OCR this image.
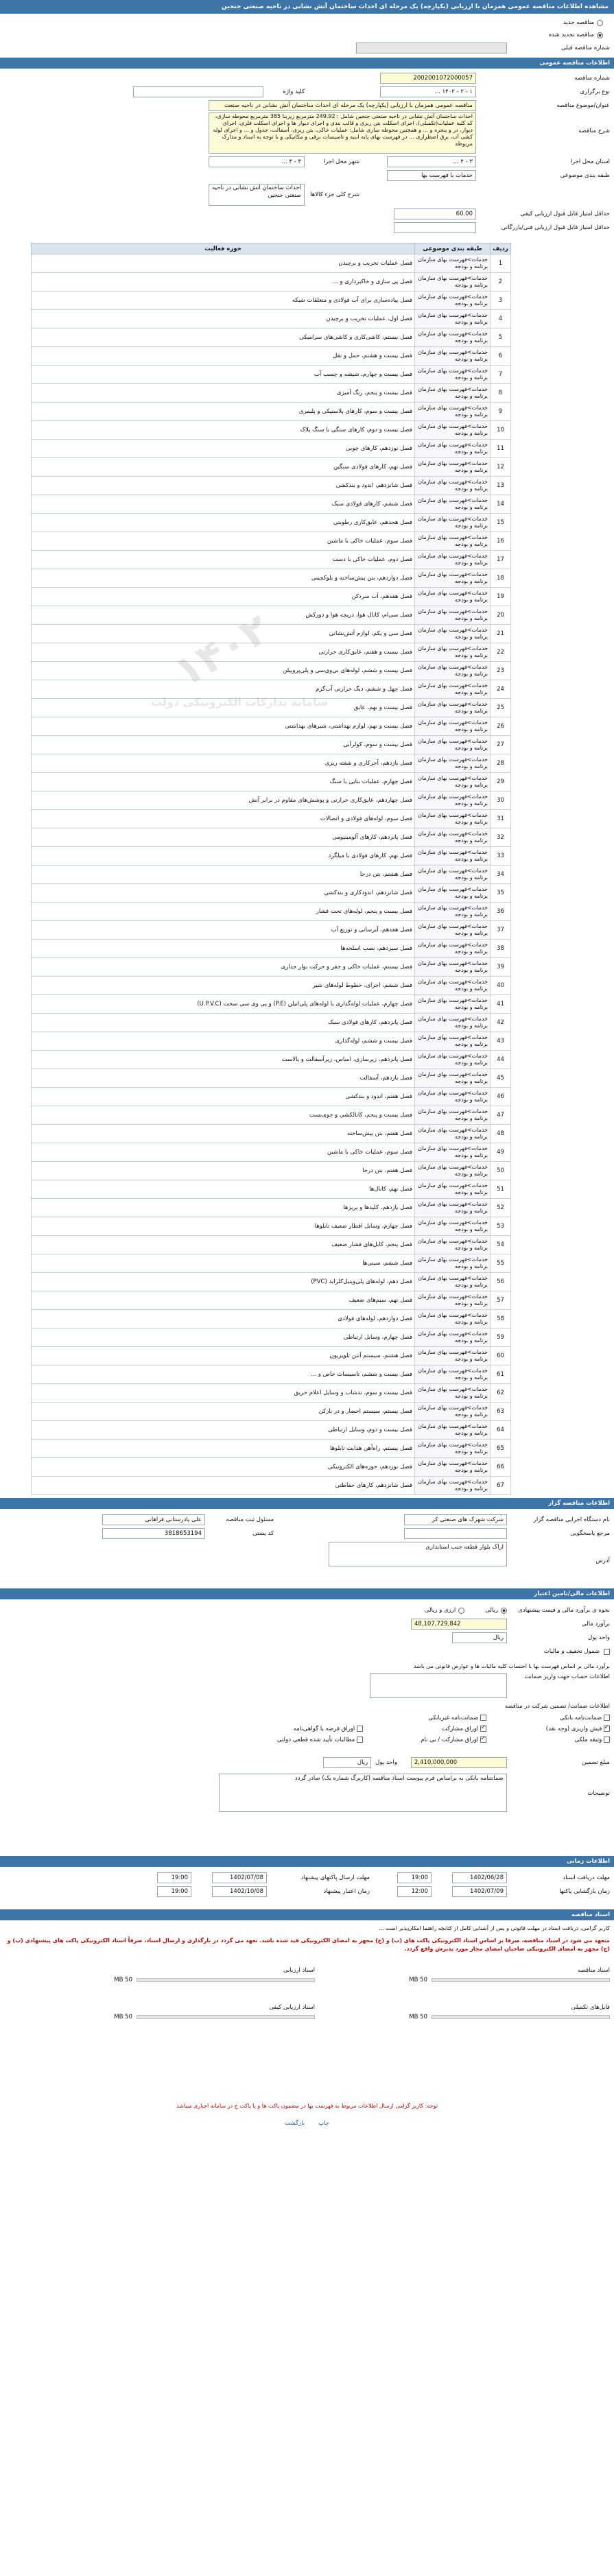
مشاهده اطلاعات مناقصه عمومی همزمان با ارزیابی (یکپارچه) یک مرحله ای احداث ساختمان آتش نشانی در ناحیه صنعتی جنجین
مناقصه جدید
مناقصه تجدید شده
شماره مناقصه قبلی
اطلاعات مناقصه عمومی
شماره مناقصه
2002001072000057
نوع برگزاری
۱ - ۲ - ۱۴۰۲ ...
کلید واژه
عنوان/موضوع مناقصه
مناقصه عمومی همزمان با ارزیابی (یکپارچه) یک مرحله ای احداث ساختمان آتش نشانی در ناحیه صنعت
شرح مناقصه
احداث ساختمان آتش نشانی در ناحیه صنعتی جنجین شامل : 249.92 مترمربع زیربنا 385 مترمربع محوطه سازی، که کلیه عملیات(تکمیلی)، اجرای اسکلت بتن ریزی و قالب بندی و اجرای دیوار ها و اجرای اسکلت فلزی، اجرای دیوار، در و پنجره و ... و همچنین محوطه سازی شامل: عملیات خاکی، بتن ریزی، آسفالت، جدول و ... و اجرای لوله کشی آب، برق اضطراری ... در فهرست بهای پایه ابنیه و تاسیسات برقی و مکانیکی و با توجه به اسناد و مدارک مربوطه
استان محل اجرا
۳ - ۴ ...
شهر محل اجرا
۳ - ۴ ...
طبقه بندی موضوعی
خدمات با فهرست بها
شرح کلی جزء کالاها
احداث ساختمان آتش نشانی در ناحیه صنعتی جنجین
حداقل امتیاز قابل قبول ارزیابی کیفی
60.00
حداقل امتیاز قابل قبول ارزیابی فنی/بازرگانی
ردیف	طبقه بندی موضوعی	حوزه فعالیت
1	خدمات>فهرست بهای سازمان برنامه و بودجه	فصل عملیات تخریب و برچیدن
2	خدمات>فهرست بهای سازمان برنامه و بودجه	فصل پی سازی و خاکبرداری و ...
3	خدمات>فهرست بهای سازمان برنامه و بودجه	فصل پیاده‌سازی برای آب فولادی و متعلقات شبکه
4	خدمات>فهرست بهای سازمان برنامه و بودجه	فصل اول، عملیات تخریب و برچیدن
5	خدمات>فهرست بهای سازمان برنامه و بودجه	فصل بیستم، کاشی‌کاری و کاشی‌های سرامیکی
6	خدمات>فهرست بهای سازمان برنامه و بودجه	فصل بیست و هشتم، حمل و نقل
7	خدمات>فهرست بهای سازمان برنامه و بودجه	فصل بیست و چهارم، شیشه و چسب آب
8	خدمات>فهرست بهای سازمان برنامه و بودجه	فصل بیست و پنجم، رنگ آمیزی
9	خدمات>فهرست بهای سازمان برنامه و بودجه	فصل بیست و سوم، کارهای پلاستیکی و پلیمری
10	خدمات>فهرست بهای سازمان برنامه و بودجه	فصل بیست و دوم، کارهای سنگی با سنگ پلاک
11	خدمات>فهرست بهای سازمان برنامه و بودجه	فصل نوزدهم، کارهای چوبی
12	خدمات>فهرست بهای سازمان برنامه و بودجه	فصل نهم، کارهای فولادی سنگین
13	خدمات>فهرست بهای سازمان برنامه و بودجه	فصل شانزدهم، اندود و بندکشی
14	خدمات>فهرست بهای سازمان برنامه و بودجه	فصل ششم، کارهای فولادی سبک
15	خدمات>فهرست بهای سازمان برنامه و بودجه	فصل هجدهم، عایق‌کاری رطوبتی
16	خدمات>فهرست بهای سازمان برنامه و بودجه	فصل سوم، عملیات خاکی با ماشین
17	خدمات>فهرست بهای سازمان برنامه و بودجه	فصل دوم، عملیات خاکی با دست
18	خدمات>فهرست بهای سازمان برنامه و بودجه	فصل دوازدهم، بتن پیش‌ساخته و بلوکچینی
19	خدمات>فهرست بهای سازمان برنامه و بودجه	فصل هفدهم، آب سردکن
20	خدمات>فهرست بهای سازمان برنامه و بودجه	فصل سی‌ام، کانال هوا، دریچه هوا و دوزکش
21	خدمات>فهرست بهای سازمان برنامه و بودجه	فصل سی و یکم، لوازم آتش‌نشانی
22	خدمات>فهرست بهای سازمان برنامه و بودجه	فصل بیست و هفتم، عایق‌کاری حرارتی
23	خدمات>فهرست بهای سازمان برنامه و بودجه	فصل بیست و ششم، لوله‌های بی‌وی‌سی و پلی‌پروپیلن
24	خدمات>فهرست بهای سازمان برنامه و بودجه	فصل چهل و ششم، دیگ حرارتی آب‌گرم
25	خدمات>فهرست بهای سازمان برنامه و بودجه	فصل بیست و نهم، عایق
26	خدمات>فهرست بهای سازمان برنامه و بودجه	فصل بیست و نهم، لوازم بهداشتی، شیرهای بهداشتی
27	خدمات>فهرست بهای سازمان برنامه و بودجه	فصل بیست و سوم، کولرآبی
28	خدمات>فهرست بهای سازمان برنامه و بودجه	فصل یازدهم، آجرکاری و شفته ریزی
29	خدمات>فهرست بهای سازمان برنامه و بودجه	فصل چهارم، عملیات بنایی با سنگ
30	خدمات>فهرست بهای سازمان برنامه و بودجه	فصل چهاردهم، عایق‌کاری حرارتی و پوشش‌های مقاوم در برابر آتش
31	خدمات>فهرست بهای سازمان برنامه و بودجه	فصل سوم، لوله‌های فولادی و اتصالات
32	خدمات>فهرست بهای سازمان برنامه و بودجه	فصل پانزدهم، کارهای آلومینیومی
33	خدمات>فهرست بهای سازمان برنامه و بودجه	فصل نهم، کارهای فولادی با میلگرد
34	خدمات>فهرست بهای سازمان برنامه و بودجه	فصل هشتم، بتن درجا
35	خدمات>فهرست بهای سازمان برنامه و بودجه	فصل شانزدهم، اندودکاری و بندکشی
36	خدمات>فهرست بهای سازمان برنامه و بودجه	فصل بیست و پنجم، لوله‌های تحت فشار
37	خدمات>فهرست بهای سازمان برنامه و بودجه	فصل هفدهم، آبرسانی و توزیع آب
38	خدمات>فهرست بهای سازمان برنامه و بودجه	فصل سیزدهم، نصب اسلحه‌ها
39	خدمات>فهرست بهای سازمان برنامه و بودجه	فصل بیستم، عملیات خاکی و حفر و حرکت نوار جداری
40	خدمات>فهرست بهای سازمان برنامه و بودجه	فصل ششم، اجرای، خطوط لوله‌های شیر
41	خدمات>فهرست بهای سازمان برنامه و بودجه	فصل چهارم، عملیات لوله‌گذاری با لوله‌های پلی‌اتیلن (P.E) و پی وی سی سخت (U.P.V.C)
42	خدمات>فهرست بهای سازمان برنامه و بودجه	فصل پانزدهم، کارهای فولادی سبک
43	خدمات>فهرست بهای سازمان برنامه و بودجه	فصل بیست و ششم، لوله‌گذاری
44	خدمات>فهرست بهای سازمان برنامه و بودجه	فصل پانزدهم، زیرسازی، اساس، زیرآسفالت و بالاست
45	خدمات>فهرست بهای سازمان برنامه و بودجه	فصل یازدهم، آسفالت
46	خدمات>فهرست بهای سازمان برنامه و بودجه	فصل هفتم، اندود و بندکشی
47	خدمات>فهرست بهای سازمان برنامه و بودجه	فصل بیست و پنجم، کانالکشی و جوی‌بست
48	خدمات>فهرست بهای سازمان برنامه و بودجه	فصل هفتم، بتن پیش‌ساخته
49	خدمات>فهرست بهای سازمان برنامه و بودجه	فصل سوم، عملیات خاکی با ماشین
50	خدمات>فهرست بهای سازمان برنامه و بودجه	فصل هفتم، بتن درجا
51	خدمات>فهرست بهای سازمان برنامه و بودجه	فصل نهم، کانال‌ها
52	خدمات>فهرست بهای سازمان برنامه و بودجه	فصل یازدهم، کلیدها و پریزها
53	خدمات>فهرست بهای سازمان برنامه و بودجه	فصل چهارم، وسایل اقطار ضعیف تابلوها
54	خدمات>فهرست بهای سازمان برنامه و بودجه	فصل پنجم، کابل‌های فشار ضعیف
55	خدمات>فهرست بهای سازمان برنامه و بودجه	فصل ششم، سینی‌ها
56	خدمات>فهرست بهای سازمان برنامه و بودجه	فصل دهم، لوله‌های پلی‌وینیل‌کلراید (PVC)
57	خدمات>فهرست بهای سازمان برنامه و بودجه	فصل نهم، سیم‌های ضعیف
58	خدمات>فهرست بهای سازمان برنامه و بودجه	فصل دوازدهم، لوله‌های فولادی
59	خدمات>فهرست بهای سازمان برنامه و بودجه	فصل چهارم، وسایل ارتباطی
60	خدمات>فهرست بهای سازمان برنامه و بودجه	فصل هشتم، سیستم آنتن تلویزیون
61	خدمات>فهرست بهای سازمان برنامه و بودجه	فصل بیست و ششم، تاسیسات خاص و ...
62	خدمات>فهرست بهای سازمان برنامه و بودجه	فصل بیست و سوم، تدشاب و وسایل اعلام حریق
63	خدمات>فهرست بهای سازمان برنامه و بودجه	فصل بیستم، سیستم احضار و در بازکن
64	خدمات>فهرست بهای سازمان برنامه و بودجه	فصل بیست و دوم، وسایل ارتباطی
65	خدمات>فهرست بهای سازمان برنامه و بودجه	فصل بیستم، راه‌آهن هدایت تابلوها
66	خدمات>فهرست بهای سازمان برنامه و بودجه	فصل نوزدهم، حوزه‌های الکترونیکی
67	خدمات>فهرست بهای سازمان برنامه و بودجه	فصل شانزدهم، کارهای حفاظتی
۱۴۰۲
سامانه تدارکات الکترونیکی دولت
اطلاعات مناقصه گزار
نام دستگاه اجرایی مناقصه گزار
شرکت شهرک های صنعتی کر
مسئول ثبت مناقصه
علی پادرستانی فراهانی
مرجع پاسخگویی
کد پستی
3818653194
آدرس
اراک بلوار قطعه جنب استانداری
اطلاعات مالی/تامین اعتبار
نحوه ی برآورد مالی و قیمت پیشنهادی
ریالی
ارزی و ریالی
برآورد مالی
48,107,729,842
واحد پول
ریال
شمول تخفیف و مالیات
برآورد مالی بر اساس فهرست بها با احتساب کلیه مالیات ها و عوارض قانونی می باشد
اطلاعات حساب جهت واریز ضمانت
اطلاعات ضمانت/ تضمین شرکت در مناقصه
ضمانت‌نامه بانکی
ضمانت‌نامه غیربانکی
✓ فیش واریزی (وجه نقد)
✓ اوراق مشارکت
اوراق قرضه یا گواهی‌نامه
وثیقه ملکی
✓ اوراق مشارکت / بی نام
مطالبات تأیید شده قطعی دولتی
مبلغ تضمین
2,410,000,000
واحد پول
ریال
توضیحات
ضمانتنامه بانکی به براساس فرم پیوست اسناد مناقصه (کاربرگ شماره یک) صادر گردد
اطلاعات زمانی
مهلت دریافت اسناد
1402/06/28
19:00
مهلت ارسال پاکتهای پیشنهاد
1402/07/08
19:00
زمان بازگشایی پاکتها
1402/07/09
12:00
زمان اعتبار پیشنهاد
1402/10/08
19:00
اسناد مناقصه
کاربر گرامی، دریافت اسناد در مهلت قانونی و پس از آشنایی کامل از کتابچه راهنما امکان‌پذیر است ...
متعهد می شود در اسناد مناقصه، صرفا بر اساس اسناد الکترونیکی پاکت های (ب) و (ج) مجهز به امضای الکترونیکی قید شده باشد. تعهد می گردد در بارگذاری و ارسال اسناد، صرفاً اسناد الکترونیکی پاکت های پیشنهادی (ب) و (ج) مجهز به امضای الکترونیکی صاحبان امضای مجاز مورد پذیرش واقع گردد.
اسناد مناقصه
50 MB
اسناد ارزیابی
50 MB
فایل‌های تکمیلی
50 MB
اسناد ارزیابی کیفی
50 MB
توجه: کاربر گرامی ارسال اطلاعات مربوط به فهرست بها در مضمون پاکت ها و یا پاکت ج در سامانه اجباری میباشد
چاپ
بازگشت
